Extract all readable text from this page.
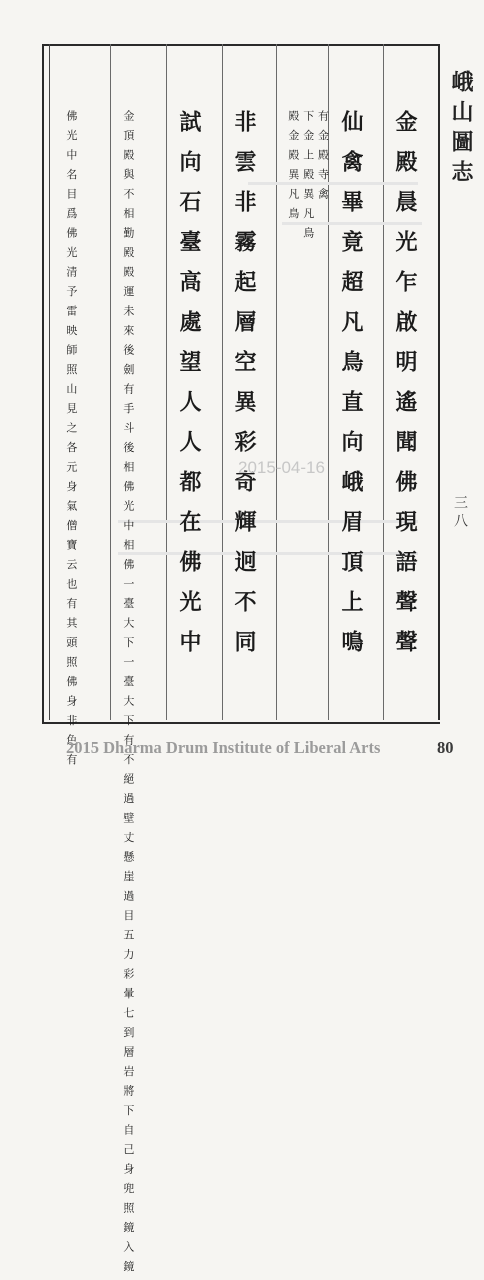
金殿晨光乍啟明遙聞佛現語聲聲
仙禽畢竟超凡鳥直向峨眉頂上鳴
有金殿寺禽
下金上殿異凡鳥
殿金殿異凡鳥
非雲非霧起層空異彩奇輝迥不同
試向石臺高處望人人都在佛光中
金頂殿與不相勤殿殿運未來後劍有手斗後相佛光中相佛一臺大下一臺大下有不絕過壁丈懸崖過目五力彩暈七到層岩將下自己身兜照鏡入鏡
佛光中名目爲佛光清予雷映師照山見之各元身氣僧寶云也有其頭照佛身非色有	峨山圖志
三八
2015-04-16
2015 Dharma Drum Institute of Liberal Arts	80
